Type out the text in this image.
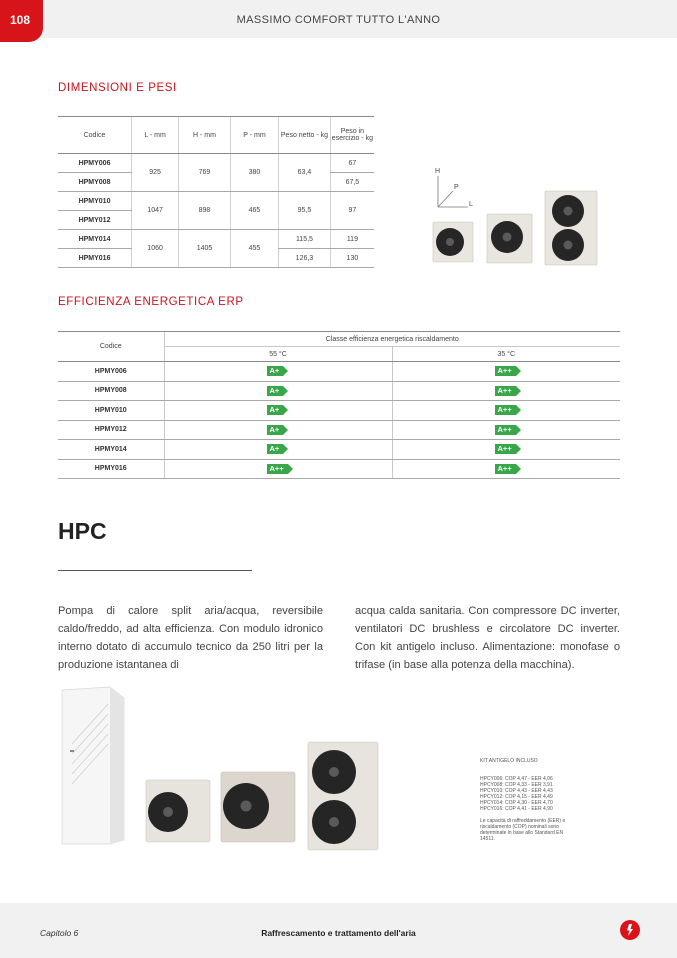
108	MASSIMO COMFORT TUTTO L'ANNO
DIMENSIONI E PESI
Codice	L - mm	H - mm	P - mm	Peso netto - kg	Peso in esercizio - kg
HPMY006	925	769	380	63,4	67
HPMY008					67,5
HPMY010	1047	898	465	95,5	97
HPMY012					
HPMY014	1060	1405	455	115,5	119
HPMY016				126,3	130
H
P
L
EFFICIENZA ENERGETICA ERP
Codice	Classe efficienza energetica riscaldamento	
	55 °C	35 °C
HPMY006	A+	A++
HPMY008	A+	A++
HPMY010	A+	A++
HPMY012	A+	A++
HPMY014	A+	A++
HPMY016	A++	A++
HPC
Pompa di calore split aria/acqua, reversibile caldo/freddo, ad alta efficienza. Con modulo idronico interno dotato di accumulo tecnico da 250 litri per la produzione istantanea di
acqua calda sanitaria. Con compressore DC inverter, ventilatori DC brushless e circolatore DC inverter. Con kit antigelo incluso. Alimentazione: monofase o trifase (in base alla potenza della macchina).
KIT ANTIGELO INCLUSO
HPCY006: COP 4,47 - EER 4,06
HPCY008: COP 4,33 - EER 3,91
HPCY010: COP 4,43 - EER 4,43
HPCY012: COP 4,15 - EER 4,49
HPCY014: COP 4,30 - EER 4,70
HPCY016: COP 4,41 - EER 4,90
Le capacità di raffreddamento (EER) e riscaldamento (COP) nominali sono determinate in base allo Standard EN 14511.
Capitolo 6	Raffrescamento e trattamento dell'aria
